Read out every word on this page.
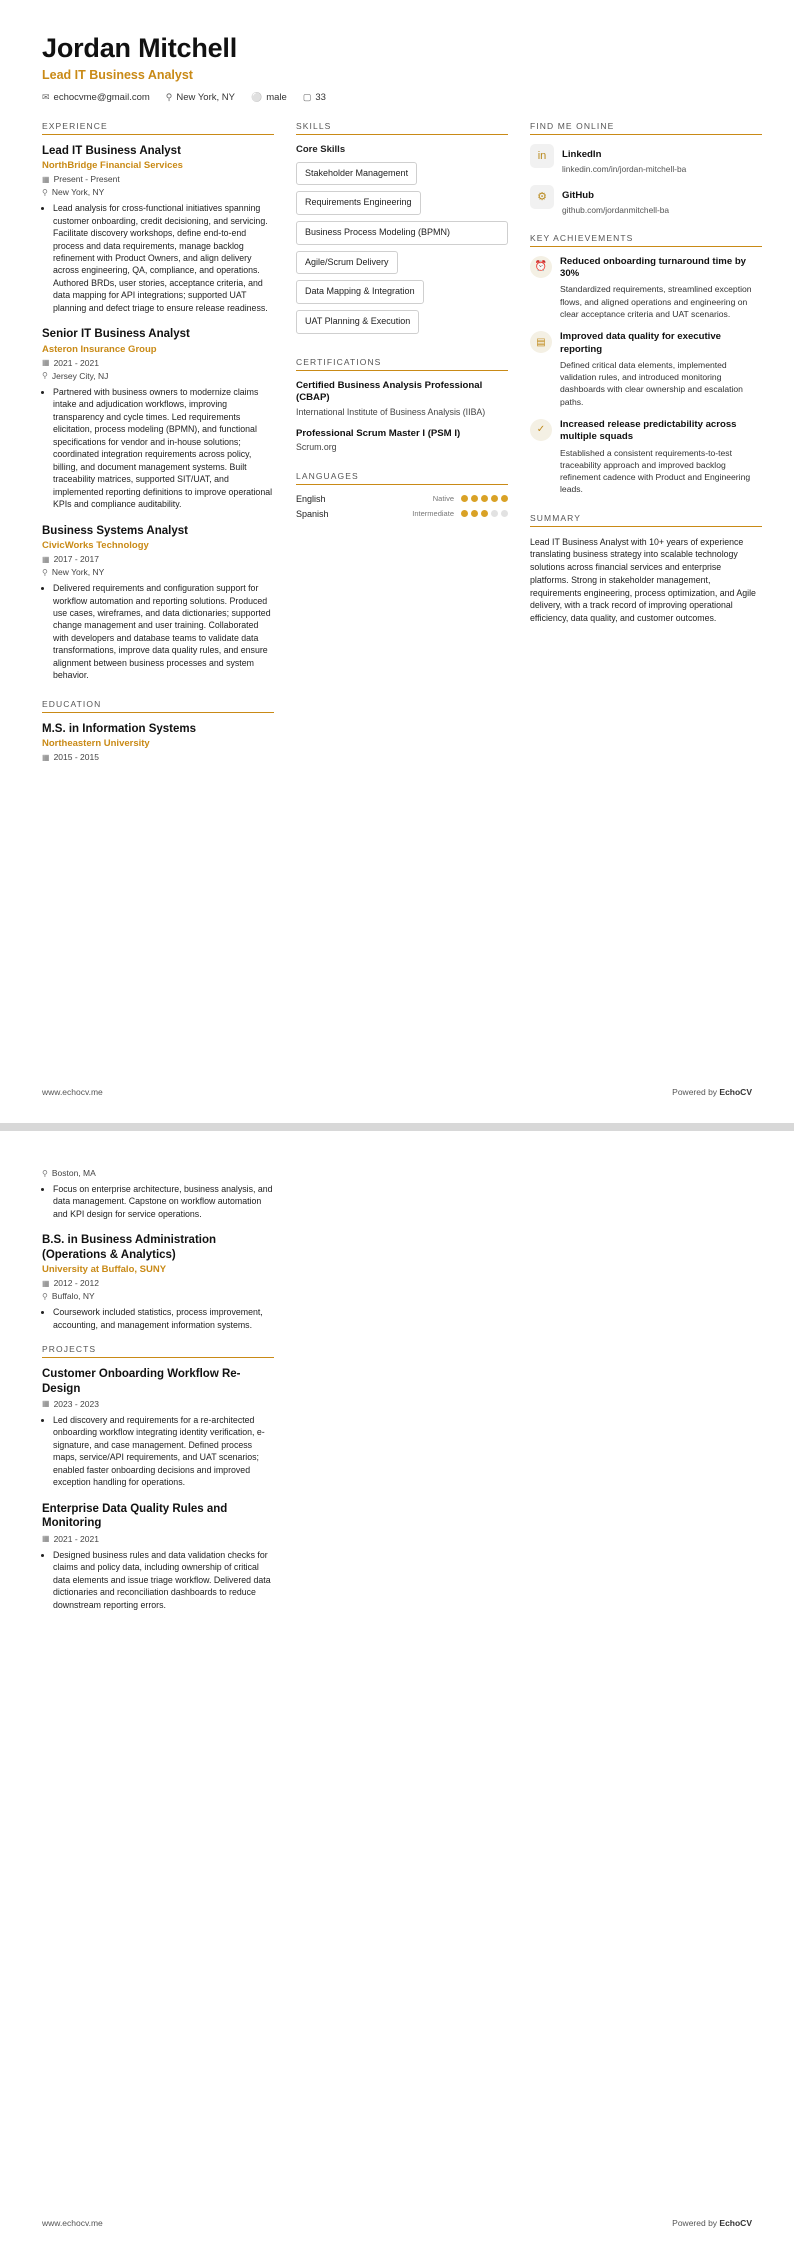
Jordan Mitchell
Lead IT Business Analyst
✉ echocvme@gmail.com ⚲ New York, NY ⚪ male ▢ 33
EXPERIENCE
Lead IT Business Analyst
NorthBridge Financial Services
▦ Present - Present
⚲ New York, NY
• Lead analysis for cross-functional initiatives spanning customer onboarding, credit decisioning, and servicing. Facilitate discovery workshops, define end-to-end process and data requirements, manage backlog refinement with Product Owners, and align delivery across engineering, QA, compliance, and operations. Authored BRDs, user stories, acceptance criteria, and data mapping for API integrations; supported UAT planning and defect triage to ensure release readiness.
Senior IT Business Analyst
Asteron Insurance Group
▦ 2021 - 2021
⚲ Jersey City, NJ
• Partnered with business owners to modernize claims intake and adjudication workflows, improving transparency and cycle times. Led requirements elicitation, process modeling (BPMN), and functional specifications for vendor and in-house solutions; coordinated integration requirements across policy, billing, and document management systems. Built traceability matrices, supported SIT/UAT, and implemented reporting definitions to improve operational KPIs and compliance auditability.
Business Systems Analyst
CivicWorks Technology
▦ 2017 - 2017
⚲ New York, NY
• Delivered requirements and configuration support for workflow automation and reporting solutions. Produced use cases, wireframes, and data dictionaries; supported change management and user training. Collaborated with developers and database teams to validate data transformations, improve data quality rules, and ensure alignment between business processes and system behavior.
EDUCATION
M.S. in Information Systems
Northeastern University
▦ 2015 - 2015
SKILLS
Core Skills
Stakeholder Management
Requirements Engineering

Business Process Modeling (BPMN)
Agile/Scrum Delivery
Data Mapping & Integration
UAT Planning & Execution
CERTIFICATIONS
Certified Business Analysis Professional (CBAP)
International Institute of Business Analysis (IIBA)
Professional Scrum Master I (PSM I)
Scrum.org
LANGUAGES
English	Native
Spanish	Intermediate
FIND ME ONLINE
in	LinkedIn
linkedin.com/in/jordan-mitchell-ba
⚙	GitHub
github.com/jordanmitchell-ba
KEY ACHIEVEMENTS
⏰	Reduced onboarding turnaround time by 30%
Standardized requirements, streamlined exception flows, and aligned operations and engineering on clear acceptance criteria and UAT scenarios.
▤	Improved data quality for executive reporting
Defined critical data elements, implemented validation rules, and introduced monitoring dashboards with clear ownership and escalation paths.
✓	Increased release predictability across multiple squads
Established a consistent requirements-to-test traceability approach and improved backlog refinement cadence with Product and Engineering leads.
SUMMARY
Lead IT Business Analyst with 10+ years of experience translating business strategy into scalable technology solutions across financial services and enterprise platforms. Strong in stakeholder management, requirements engineering, process optimization, and Agile delivery, with a track record of improving operational efficiency, data quality, and customer outcomes.
www.echocv.me	Powered by EchoCV
⚲ Boston, MA
• Focus on enterprise architecture, business analysis, and data management. Capstone on workflow automation and KPI design for service operations.
B.S. in Business Administration (Operations & Analytics)
University at Buffalo, SUNY
▦ 2012 - 2012
⚲ Buffalo, NY
• Coursework included statistics, process improvement, accounting, and management information systems.
PROJECTS
Customer Onboarding Workflow Re-Design
▦ 2023 - 2023
• Led discovery and requirements for a re-architected onboarding workflow integrating identity verification, e-signature, and case management. Defined process maps, service/API requirements, and UAT scenarios; enabled faster onboarding decisions and improved exception handling for operations.
Enterprise Data Quality Rules and Monitoring
▦ 2021 - 2021
• Designed business rules and data validation checks for claims and policy data, including ownership of critical data elements and issue triage workflow. Delivered data dictionaries and reconciliation dashboards to reduce downstream reporting errors.
www.echocv.me	Powered by EchoCV
